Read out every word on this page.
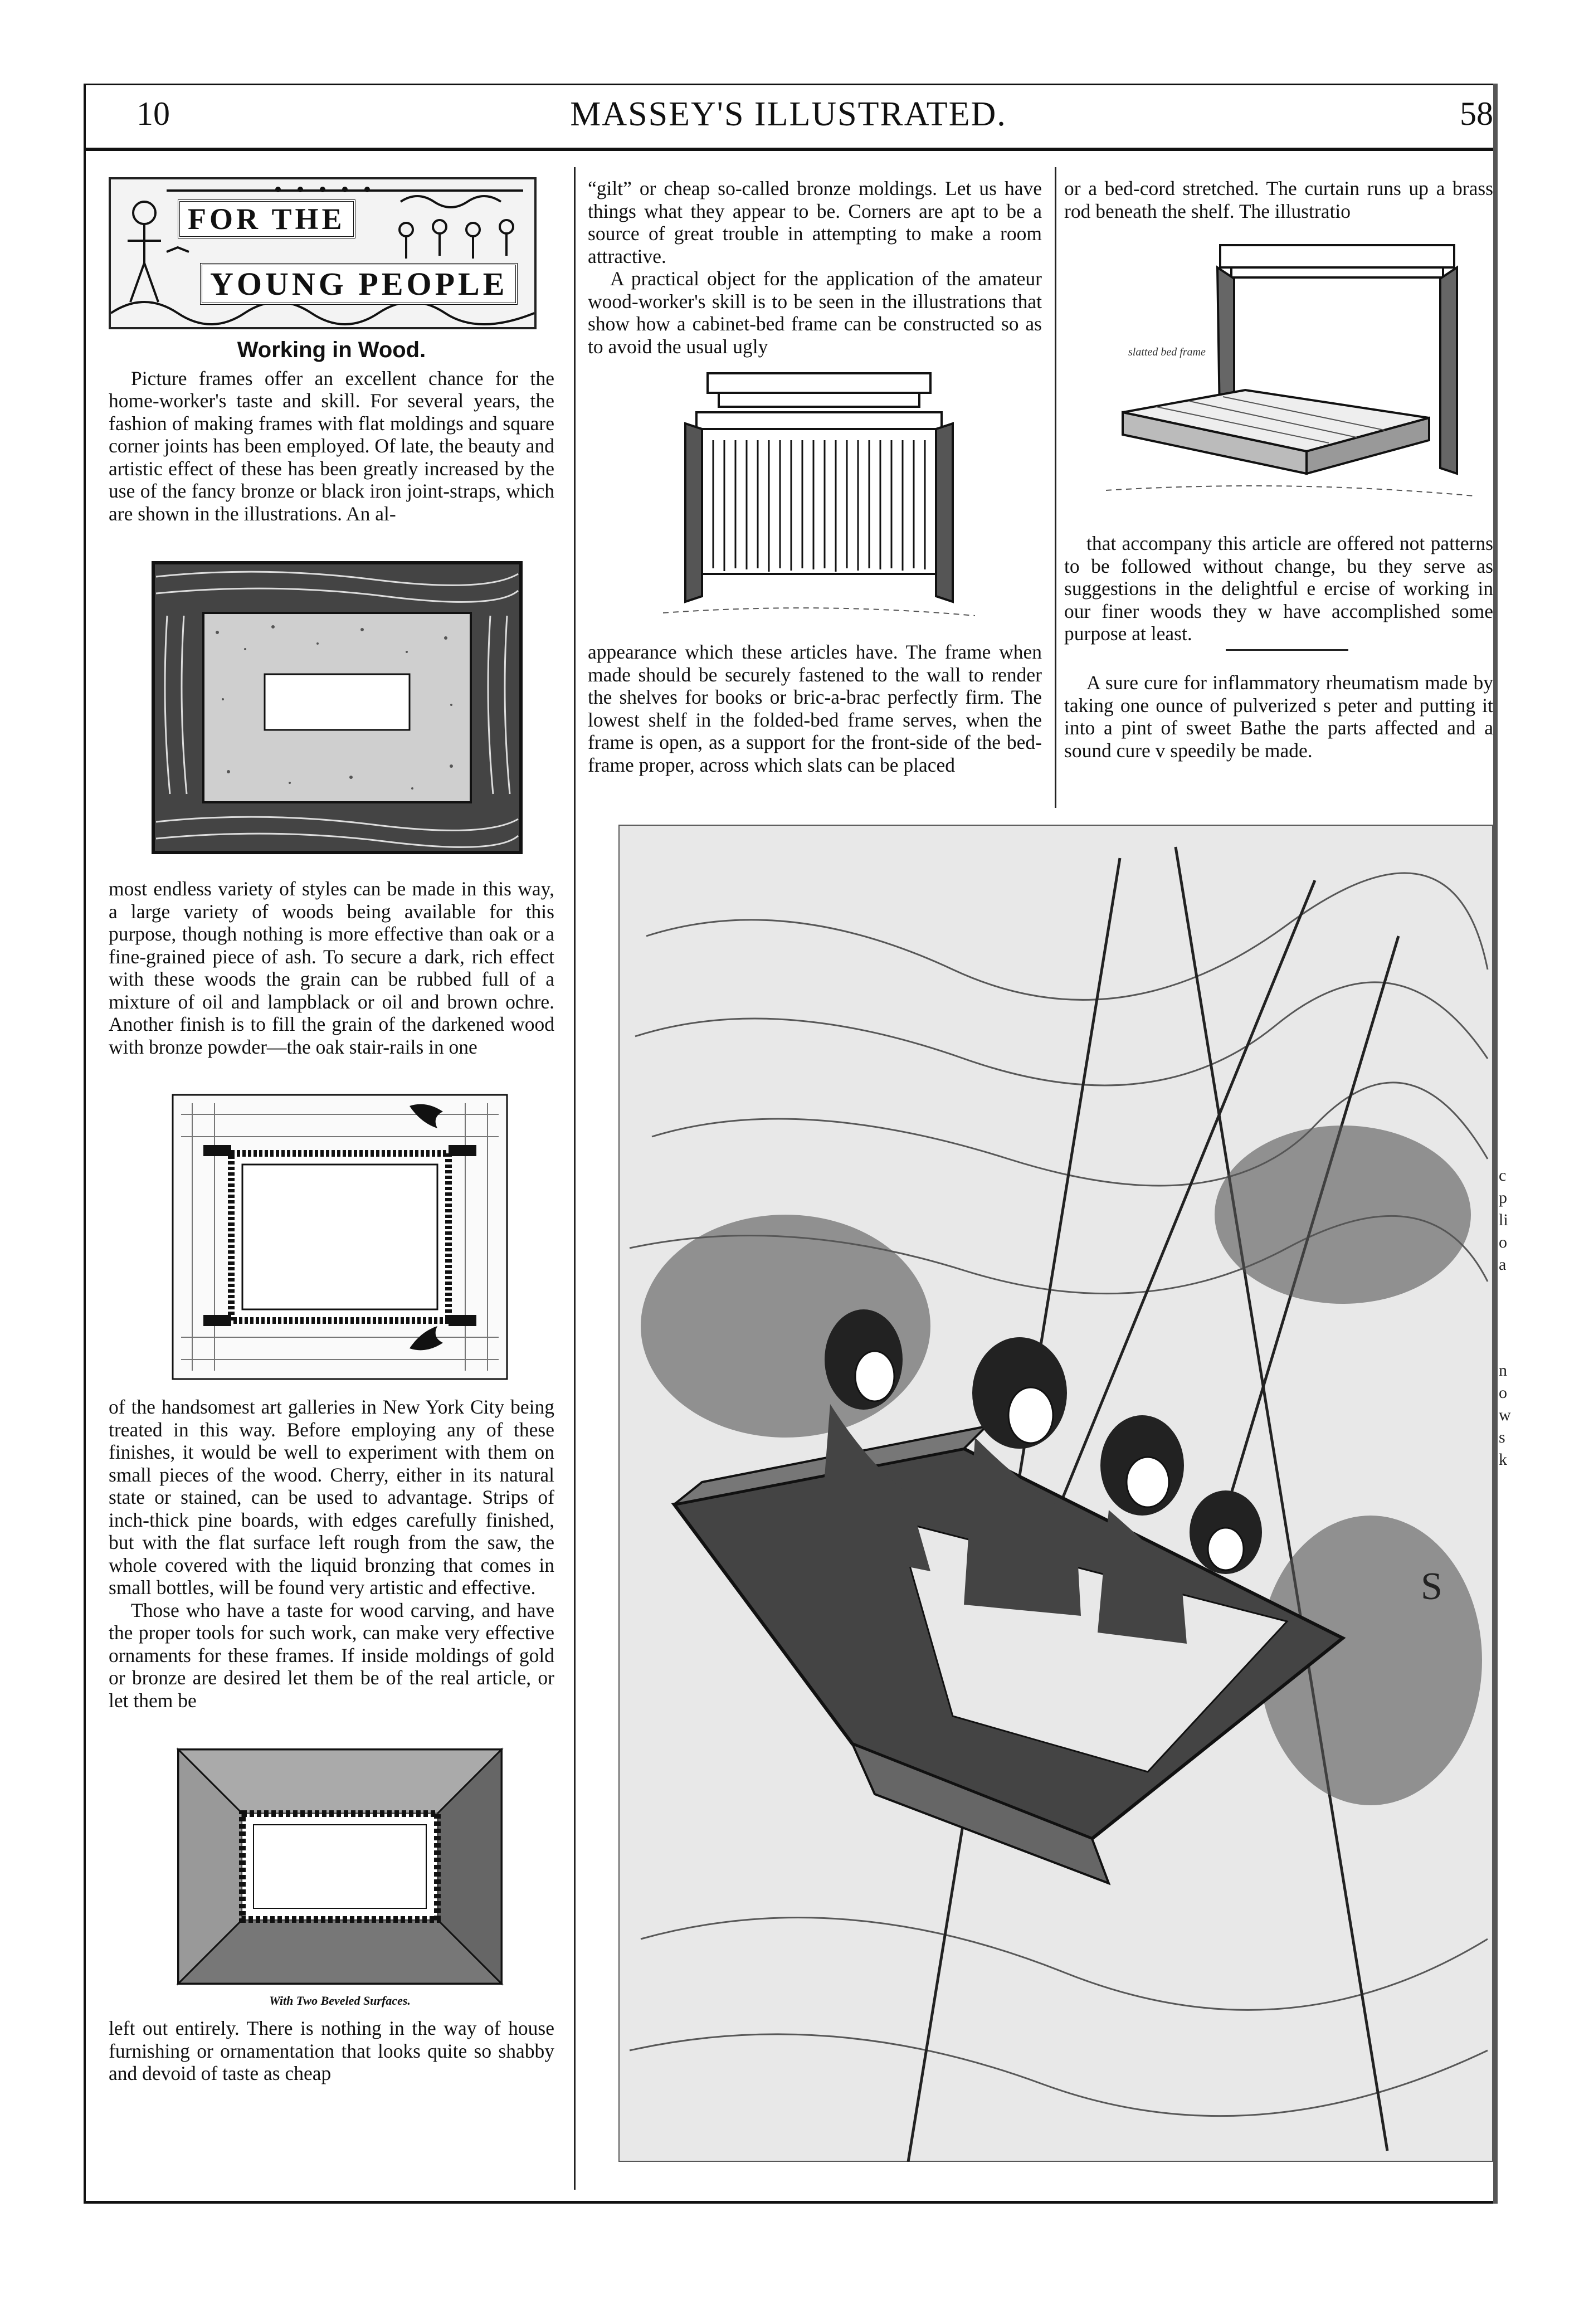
10	MASSEY'S ILLUSTRATED.	58
FOR THE
YOUNG PEOPLE
Working in Wood.

Picture frames offer an excellent chance for the home-worker's taste and skill. For several years, the fashion of making frames with flat moldings and square corner joints has been employed. Of late, the beauty and artistic effect of these has been greatly increased by the use of the fancy bronze or black iron joint-straps, which are shown in the illustrations. An al-

most endless variety of styles can be made in this way, a large variety of woods being available for this purpose, though nothing is more effective than oak or a fine-grained piece of ash. To secure a dark, rich effect with these woods the grain can be rubbed full of a mixture of oil and lampblack or oil and brown ochre. Another finish is to fill the grain of the darkened wood with bronze powder—the oak stair-rails in one

of the handsomest art galleries in New York City being treated in this way. Before employing any of these finishes, it would be well to experiment with them on small pieces of the wood. Cherry, either in its natural state or stained, can be used to advantage. Strips of inch-thick pine boards, with edges carefully finished, but with the flat surface left rough from the saw, the whole covered with the liquid bronzing that comes in small bottles, will be found very artistic and effective.

Those who have a taste for wood carving, and have the proper tools for such work, can make very effective ornaments for these frames. If inside moldings of gold or bronze are desired let them be of the real article, or let them be

With Two Beveled Surfaces.

left out entirely. There is nothing in the way of house furnishing or ornamentation that looks quite so shabby and devoid of taste as cheap

“gilt” or cheap so-called bronze moldings. Let us have things what they appear to be. Corners are apt to be a source of great trouble in attempting to make a room attractive.

A practical object for the application of the amateur wood-worker's skill is to be seen in the illustrations that show how a cabinet-bed frame can be constructed so as to avoid the usual ugly

appearance which these articles have. The frame when made should be securely fastened to the wall to render the shelves for books or bric-a-brac perfectly firm. The lowest shelf in the folded-bed frame serves, when the frame is open, as a support for the front-side of the bed-frame proper, across which slats can be placed

or a bed-cord stretched. The curtain runs up a brass rod beneath the shelf. The illustratio

slatted bed frame

that accompany this article are offered not patterns to be followed without change, bu they serve as suggestions in the delightful e ercise of working in our finer woods they w have accomplished some purpose at least.

A sure cure for inflammatory rheumatism made by taking one ounce of pulverized s peter and putting it into a pint of sweet Bathe the parts affected and a sound cure v speedily be made.

S
c
p
li
o
a
n
o
w
s
k
